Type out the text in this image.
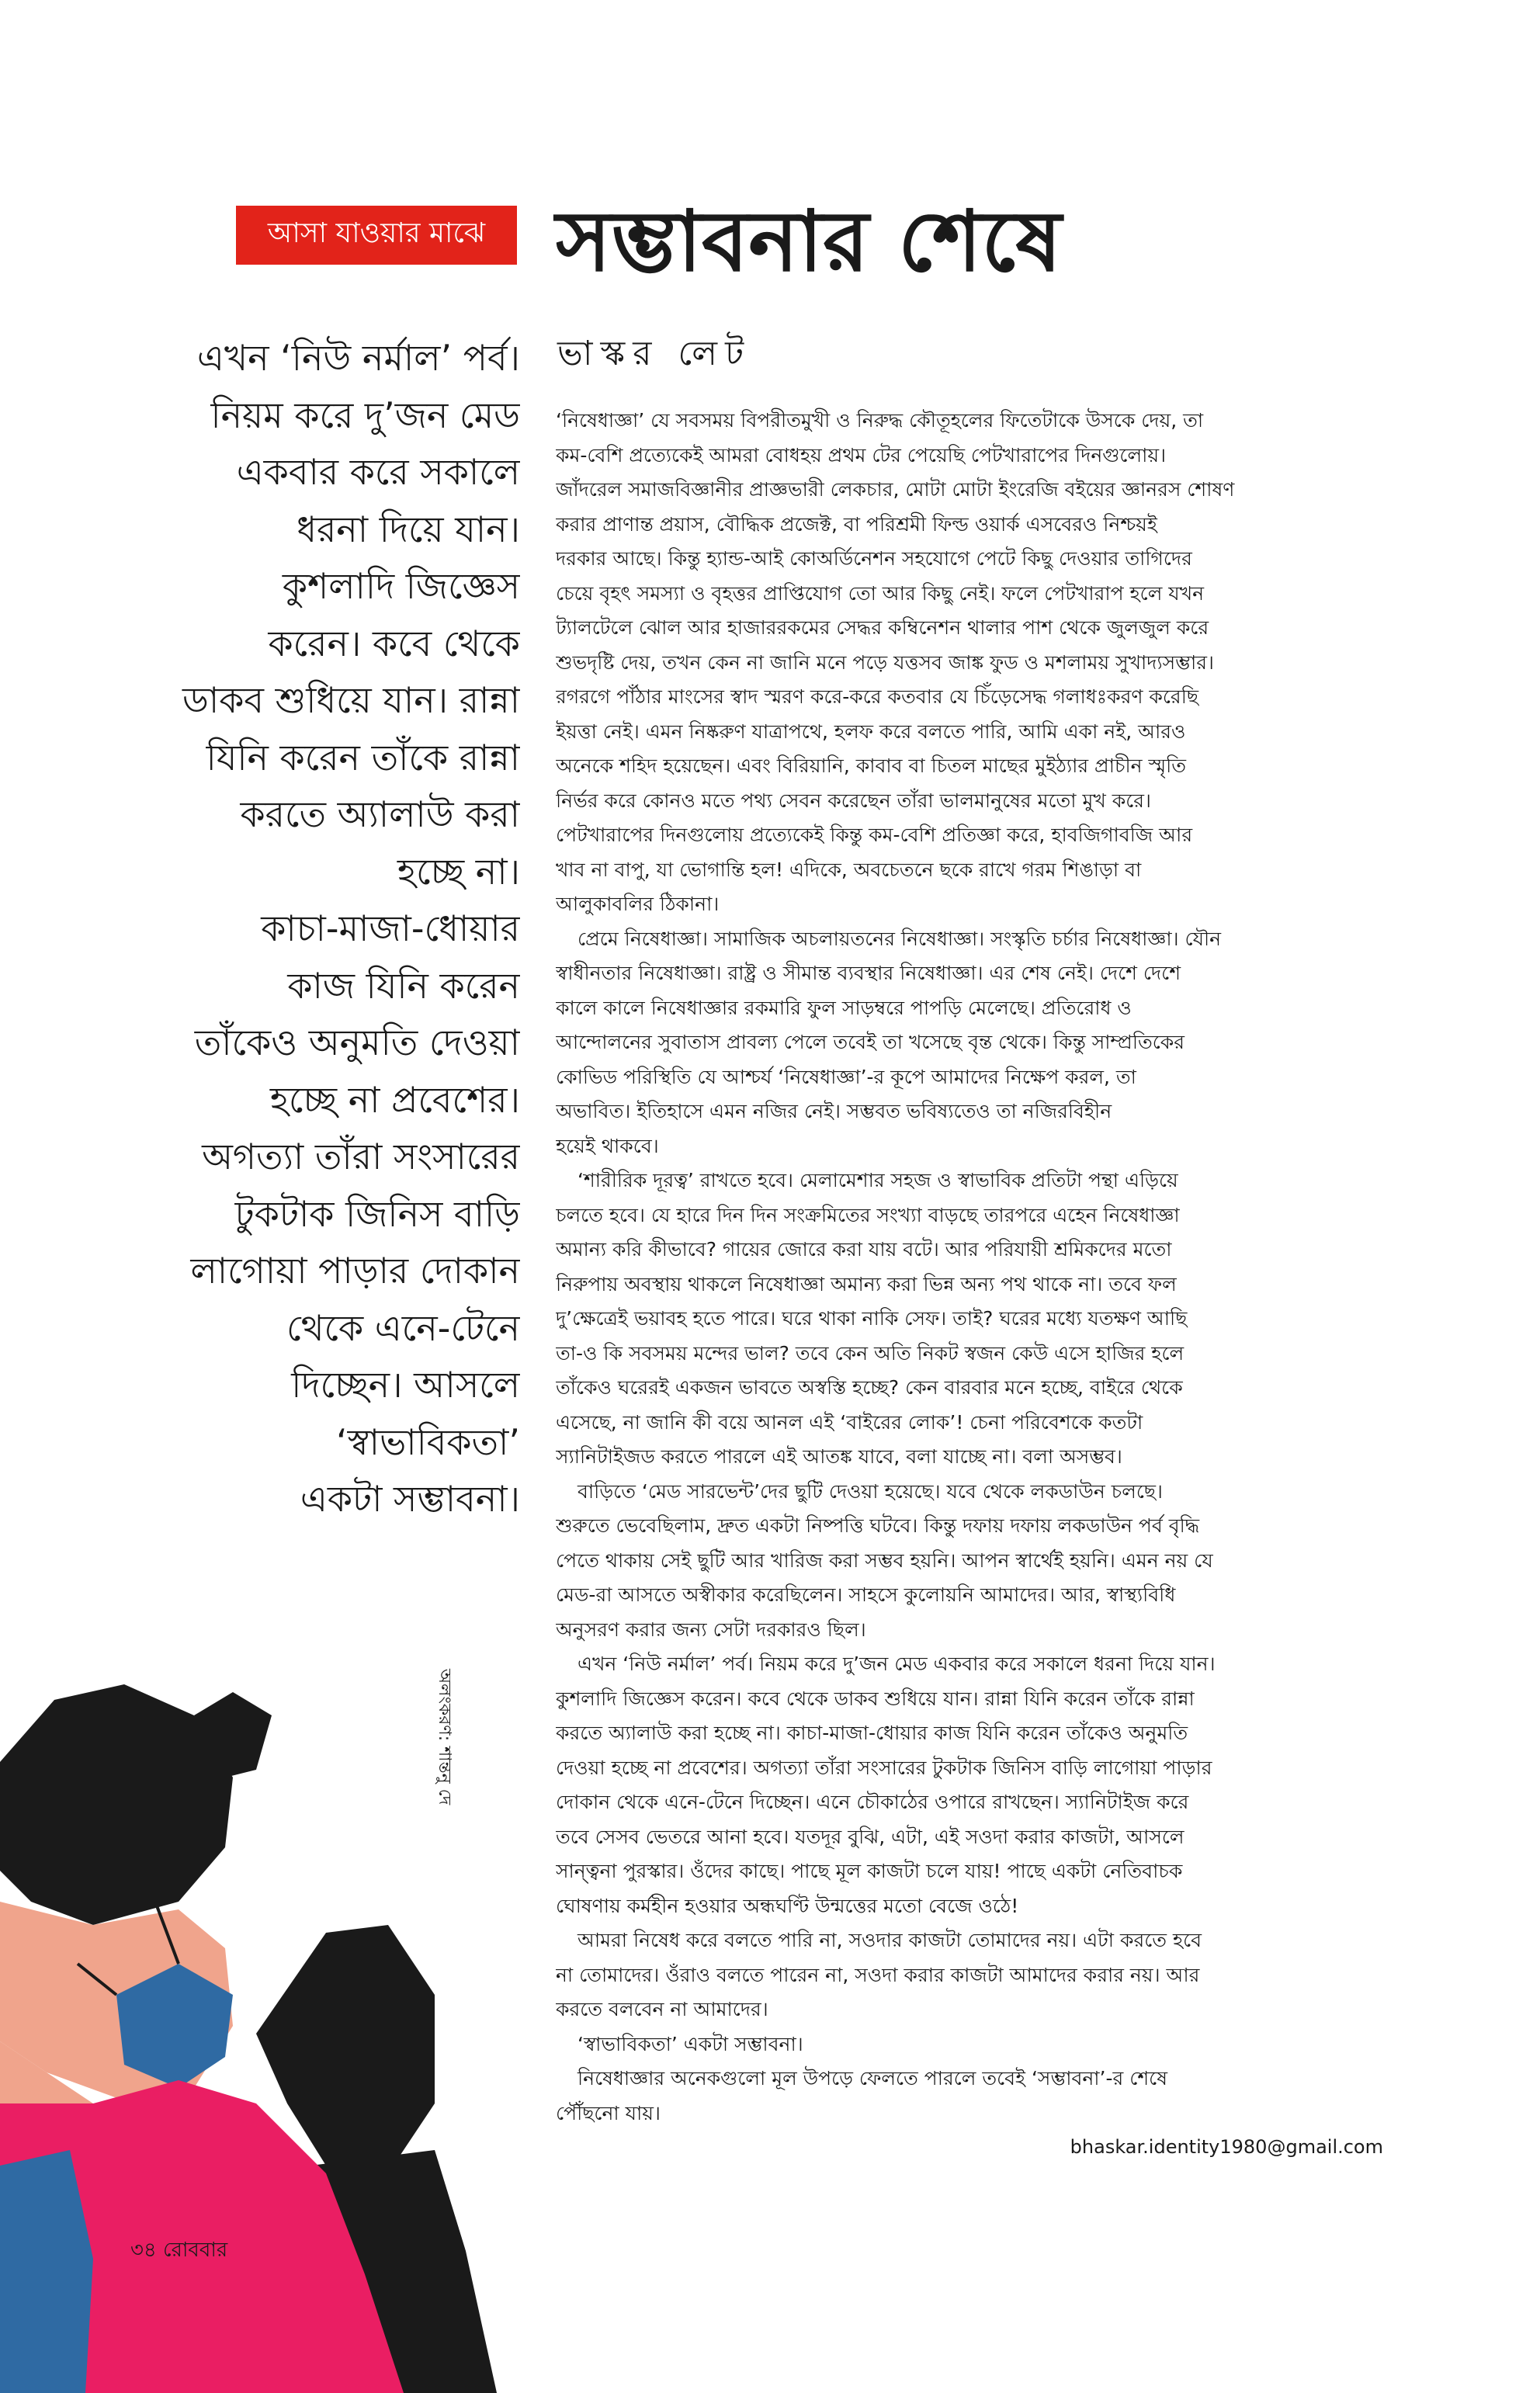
আসা যাওয়ার মাঝে সম্ভাবনার শেষে
ভাস্কর লেট
এখন ‘নিউ নর্মাল’ পর্ব।
নিয়ম করে দু’জন মেড
একবার করে সকালে
ধরনা দিয়ে যান।
কুশলাদি জিজ্ঞেস
করেন। কবে থেকে
ডাকব শুধিয়ে যান। রান্না
যিনি করেন তাঁকে রান্না
করতে অ্যালাউ করা
হচ্ছে না।
কাচা-মাজা-ধোয়ার
কাজ যিনি করেন
তাঁকেও অনুমতি দেওয়া
হচ্ছে না প্রবেশের।
অগত্যা তাঁরা সংসারের
টুকটাক জিনিস বাড়ি
লাগোয়া পাড়ার দোকান
থেকে এনে-টেনে
দিচ্ছেন। আসলে
‘স্বাভাবিকতা’
একটা সম্ভাবনা।
‘নিষেধাজ্ঞা’ যে সবসময় বিপরীতমুখী ও নিরুদ্ধ কৌতূহলের ফিতেটাকে উসকে দেয়, তা
কম-বেশি প্রত্যেকেই আমরা বোধহয় প্রথম টের পেয়েছি পেটখারাপের দিনগুলোয়।
জাঁদরেল সমাজবিজ্ঞানীর প্রাজ্ঞভারী লেকচার, মোটা মোটা ইংরেজি বইয়ের জ্ঞানরস শোষণ
করার প্রাণান্ত প্রয়াস, বৌদ্ধিক প্রজেক্ট, বা পরিশ্রমী ফিল্ড ওয়ার্ক এসবেরও নিশ্চয়ই
দরকার আছে। কিন্তু হ্যান্ড-আই কোঅর্ডিনেশন সহযোগে পেটে কিছু দেওয়ার তাগিদের
চেয়ে বৃহৎ সমস্যা ও বৃহত্তর প্রাপ্তিযোগ তো আর কিছু নেই। ফলে পেটখারাপ হলে যখন
ট্যালটেলে ঝোল আর হাজাররকমের সেদ্ধর কম্বিনেশন থালার পাশ থেকে জুলজুল করে
শুভদৃষ্টি দেয়, তখন কেন না জানি মনে পড়ে যত্তসব জাঙ্ক ফুড ও মশলাময় সুখাদ্যসম্ভার।
রগরগে পাঁঠার মাংসের স্বাদ স্মরণ করে-করে কতবার যে চিঁড়েসেদ্ধ গলাধঃকরণ করেছি
ইয়ত্তা নেই। এমন নিষ্করুণ যাত্রাপথে, হলফ করে বলতে পারি, আমি একা নই, আরও
অনেকে শহিদ হয়েছেন। এবং বিরিয়ানি, কাবাব বা চিতল মাছের মুইঠ্যার প্রাচীন স্মৃতি
নির্ভর করে কোনও মতে পথ্য সেবন করেছেন তাঁরা ভালমানুষের মতো মুখ করে।
পেটখারাপের দিনগুলোয় প্রত্যেকেই কিন্তু কম-বেশি প্রতিজ্ঞা করে, হাবজিগাবজি আর
খাব না বাপু, যা ভোগান্তি হল! এদিকে, অবচেতনে ছকে রাখে গরম শিঙাড়া বা
আলুকাবলির ঠিকানা।
প্রেমে নিষেধাজ্ঞা। সামাজিক অচলায়তনের নিষেধাজ্ঞা। সংস্কৃতি চর্চার নিষেধাজ্ঞা। যৌন
স্বাধীনতার নিষেধাজ্ঞা। রাষ্ট্র ও সীমান্ত ব্যবস্থার নিষেধাজ্ঞা। এর শেষ নেই। দেশে দেশে
কালে কালে নিষেধাজ্ঞার রকমারি ফুল সাড়ম্বরে পাপড়ি মেলেছে। প্রতিরোধ ও
আন্দোলনের সুবাতাস প্রাবল্য পেলে তবেই তা খসেছে বৃন্ত থেকে। কিন্তু সাম্প্রতিকের
কোভিড পরিস্থিতি যে আশ্চর্য ‘নিষেধাজ্ঞা’-র কূপে আমাদের নিক্ষেপ করল, তা
অভাবিত। ইতিহাসে এমন নজির নেই। সম্ভবত ভবিষ্যতেও তা নজিরবিহীন
হয়েই থাকবে।
‘শারীরিক দূরত্ব’ রাখতে হবে। মেলামেশার সহজ ও স্বাভাবিক প্রতিটা পন্থা এড়িয়ে
চলতে হবে। যে হারে দিন দিন সংক্রমিতের সংখ্যা বাড়ছে তারপরে এহেন নিষেধাজ্ঞা
অমান্য করি কীভাবে? গায়ের জোরে করা যায় বটে। আর পরিযায়ী শ্রমিকদের মতো
নিরুপায় অবস্থায় থাকলে নিষেধাজ্ঞা অমান্য করা ভিন্ন অন্য পথ থাকে না। তবে ফল
দু’ক্ষেত্রেই ভয়াবহ হতে পারে। ঘরে থাকা নাকি সেফ। তাই? ঘরের মধ্যে যতক্ষণ আছি
তা-ও কি সবসময় মন্দের ভাল? তবে কেন অতি নিকট স্বজন কেউ এসে হাজির হলে
তাঁকেও ঘরেরই একজন ভাবতে অস্বস্তি হচ্ছে? কেন বারবার মনে হচ্ছে, বাইরে থেকে
এসেছে, না জানি কী বয়ে আনল এই ‘বাইরের লোক’! চেনা পরিবেশকে কতটা
স্যানিটাইজড করতে পারলে এই আতঙ্ক যাবে, বলা যাচ্ছে না। বলা অসম্ভব।
বাড়িতে ‘মেড সারভেন্ট’দের ছুটি দেওয়া হয়েছে। যবে থেকে লকডাউন চলছে।
শুরুতে ভেবেছিলাম, দ্রুত একটা নিষ্পত্তি ঘটবে। কিন্তু দফায় দফায় লকডাউন পর্ব বৃদ্ধি
পেতে থাকায় সেই ছুটি আর খারিজ করা সম্ভব হয়নি। আপন স্বার্থেই হয়নি। এমন নয় যে
মেড-রা আসতে অস্বীকার করেছিলেন। সাহসে কুলোয়নি আমাদের। আর, স্বাস্থ্যবিধি
অনুসরণ করার জন্য সেটা দরকারও ছিল।
এখন ‘নিউ নর্মাল’ পর্ব। নিয়ম করে দু’জন মেড একবার করে সকালে ধরনা দিয়ে যান।
কুশলাদি জিজ্ঞেস করেন। কবে থেকে ডাকব শুধিয়ে যান। রান্না যিনি করেন তাঁকে রান্না
করতে অ্যালাউ করা হচ্ছে না। কাচা-মাজা-ধোয়ার কাজ যিনি করেন তাঁকেও অনুমতি
দেওয়া হচ্ছে না প্রবেশের। অগত্যা তাঁরা সংসারের টুকটাক জিনিস বাড়ি লাগোয়া পাড়ার
দোকান থেকে এনে-টেনে দিচ্ছেন। এনে চৌকাঠের ওপারে রাখছেন। স্যানিটাইজ করে
তবে সেসব ভেতরে আনা হবে। যতদূর বুঝি, এটা, এই সওদা করার কাজটা, আসলে
সান্ত্বনা পুরস্কার। ওঁদের কাছে। পাছে মূল কাজটা চলে যায়! পাছে একটা নেতিবাচক
ঘোষণায় কর্মহীন হওয়ার অন্ধঘণ্টি উন্মত্তের মতো বেজে ওঠে!
আমরা নিষেধ করে বলতে পারি না, সওদার কাজটা তোমাদের নয়। এটা করতে হবে
না তোমাদের। ওঁরাও বলতে পারেন না, সওদা করার কাজটা আমাদের করার নয়। আর
করতে বলবেন না আমাদের।
‘স্বাভাবিকতা’ একটা সম্ভাবনা।
নিষেধাজ্ঞার অনেকগুলো মূল উপড়ে ফেলতে পারলে তবেই ‘সম্ভাবনা’-র শেষে
পৌঁছনো যায়।
bhaskar.identity1980@gmail.com
অলংকরণ: শান্তনু দে
৩৪ রোববার
